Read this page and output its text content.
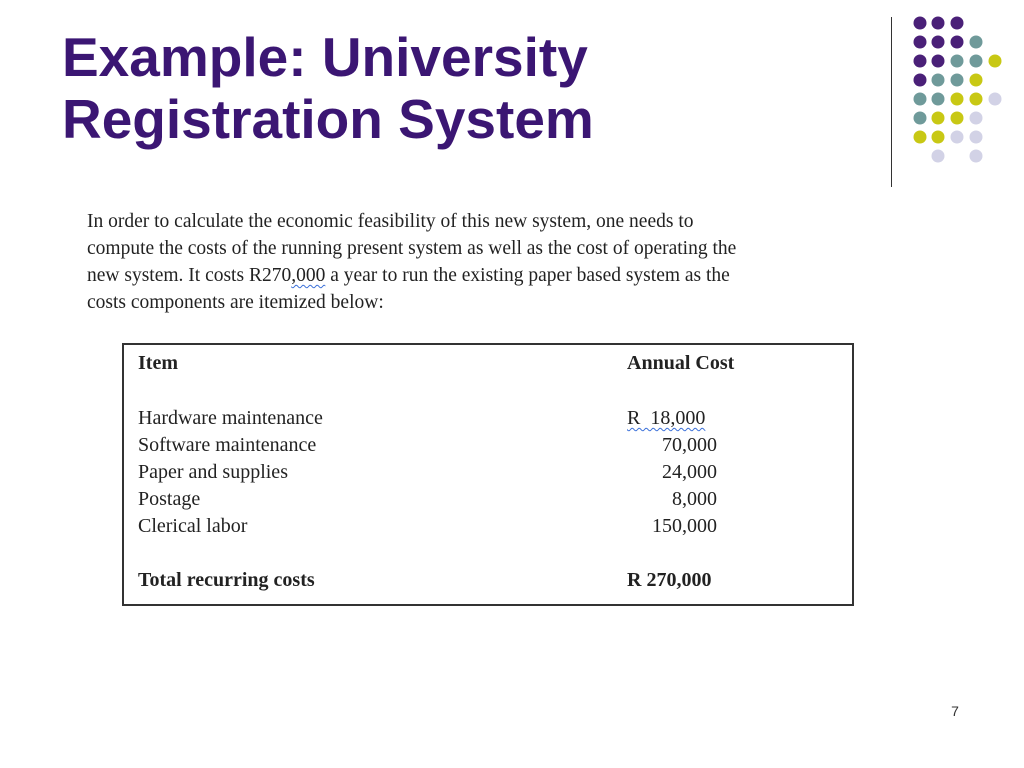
Example: University
Registration System

In order to calculate the economic feasibility of this new system, one needs to
compute the costs of the running present system as well as the cost of operating the
new system. It costs R270,000 a year to run the existing paper based system as the
costs components are itemized below:

Item	Annual Cost
Hardware maintenance	R  18,000
Software maintenance	70,000
Paper and supplies	24,000
Postage	8,000
Clerical labor	150,000
Total recurring costs	R 270,000
7
